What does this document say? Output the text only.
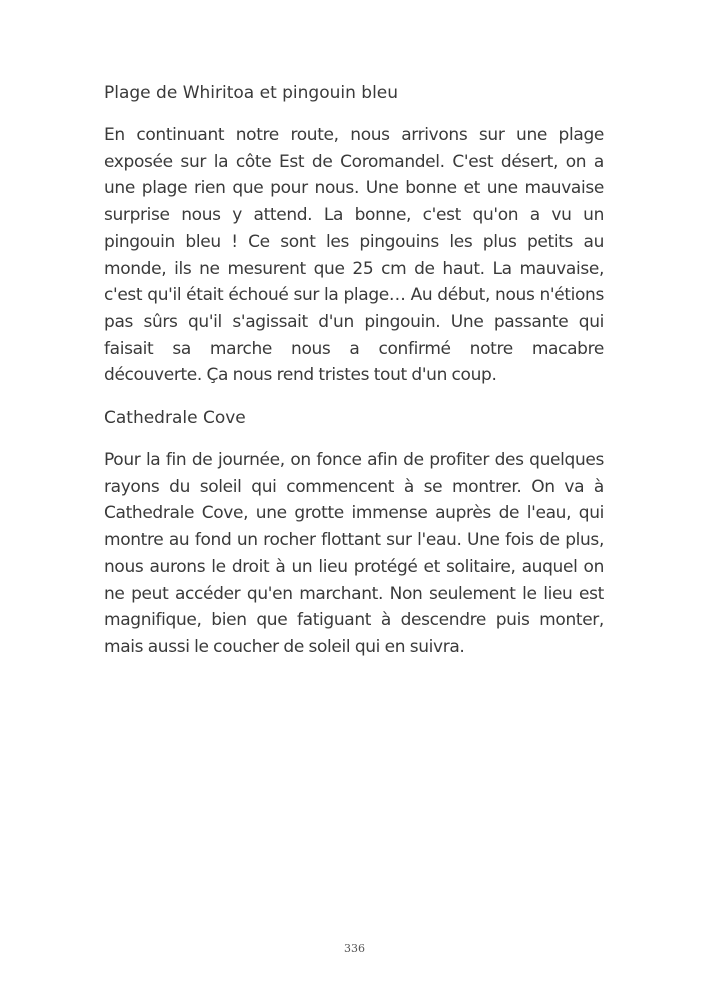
Plage de Whiritoa et pingouin bleu

En continuant notre route, nous arrivons sur une plage exposée sur la côte Est de Coromandel. C'est désert, on a une plage rien que pour nous. Une bonne et une mauvaise surprise nous y attend. La bonne, c'est qu'on a vu un pingouin bleu ! Ce sont les pingouins les plus petits au monde, ils ne mesurent que 25 cm de haut. La mauvaise, c'est qu'il était échoué sur la plage… Au début, nous n'étions pas sûrs qu'il s'agissait d'un pingouin. Une passante qui faisait sa marche nous a confirmé notre macabre découverte. Ça nous rend tristes tout d'un coup.

Cathedrale Cove

Pour la fin de journée, on fonce afin de profiter des quelques rayons du soleil qui commencent à se montrer. On va à Cathedrale Cove, une grotte immense auprès de l'eau, qui montre au fond un rocher flottant sur l'eau. Une fois de plus, nous aurons le droit à un lieu protégé et solitaire, auquel on ne peut accéder qu'en marchant. Non seulement le lieu est magnifique, bien que fatiguant à descendre puis monter, mais aussi le coucher de soleil qui en suivra.

336
